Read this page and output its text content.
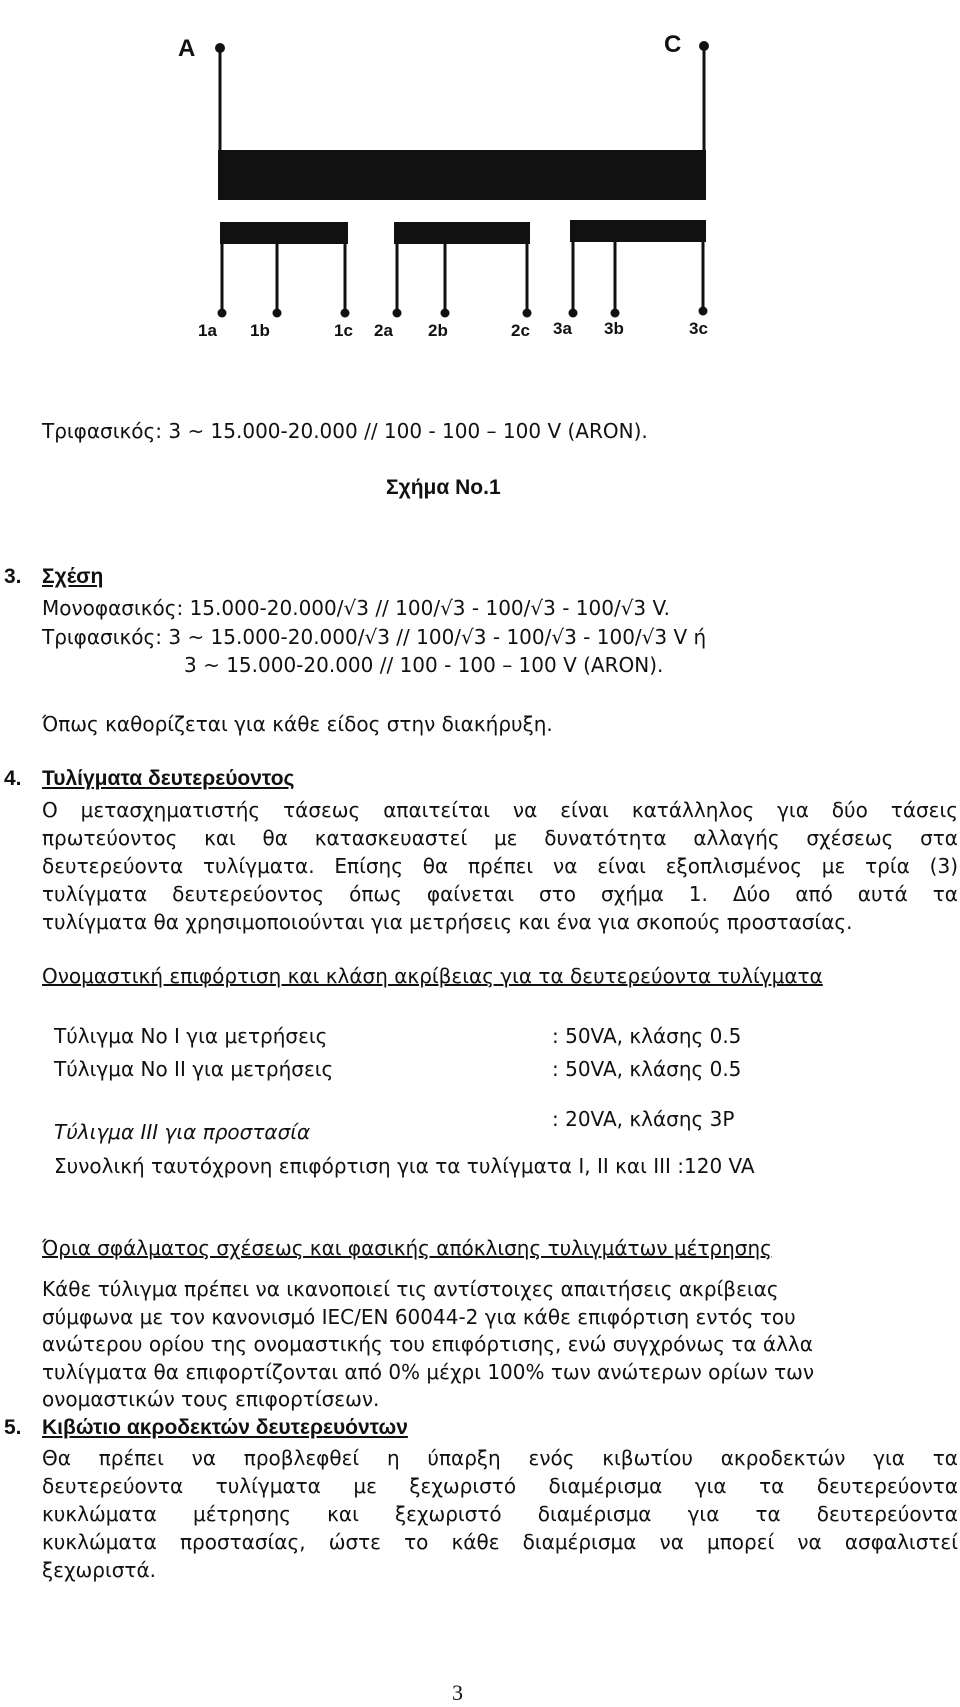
A	C
1a 1b	1c 2a 2b	2c 3a 3b	3c
Τριφασικός: 3 ~ 15.000-20.000 // 100 - 100 – 100 V (ARON).
Σχήμα Νο.1
3. Σχέση
Μονοφασικός: 15.000-20.000/√3 // 100/√3 - 100/√3 - 100/√3 V.
Τριφασικός: 3 ~ 15.000-20.000/√3 // 100/√3 - 100/√3 - 100/√3 V ή
3 ~ 15.000-20.000 // 100 - 100 – 100 V (ARON).
Όπως καθορίζεται για κάθε είδος στην διακήρυξη.
4. Τυλίγματα δευτερεύοντος
Ο μετασχηματιστής τάσεως απαιτείται να είναι κατάλληλος για δύο τάσεις
πρωτεύοντος και θα κατασκευαστεί με δυνατότητα αλλαγής σχέσεως στα
δευτερεύοντα τυλίγματα. Επίσης θα πρέπει να είναι εξοπλισμένος με τρία (3)
τυλίγματα δευτερεύοντος όπως φαίνεται στο σχήμα 1. Δύο από αυτά τα
τυλίγματα θα χρησιμοποιούνται για μετρήσεις και ένα για σκοπούς προστασίας.
Ονομαστική επιφόρτιση και κλάση ακρίβειας για τα δευτερεύοντα τυλίγματα
Τύλιγμα Νο I για μετρήσεις	: 50VA, κλάσης 0.5
Τύλιγμα Νο II για μετρήσεις	: 50VA, κλάσης 0.5
Τύλιγμα III για προστασία
: 20VA, κλάσης 3P
Συνολική ταυτόχρονη επιφόρτιση για τα τυλίγματα I, II και III :120 VA
Όρια σφάλματος σχέσεως και φασικής απόκλισης τυλιγμάτων μέτρησης
Κάθε τύλιγμα πρέπει να ικανοποιεί τις αντίστοιχες απαιτήσεις ακρίβειας
σύμφωνα με τον κανονισμό IEC/EN 60044-2 για κάθε επιφόρτιση εντός του
ανώτερου ορίου της ονομαστικής του επιφόρτισης, ενώ συγχρόνως τα άλλα
τυλίγματα θα επιφορτίζονται από 0% μέχρι 100% των ανώτερων ορίων των
ονομαστικών τους επιφορτίσεων.
5. Κιβώτιο ακροδεκτών δευτερευόντων
Θα πρέπει να προβλεφθεί η ύπαρξη ενός κιβωτίου ακροδεκτών για τα
δευτερεύοντα τυλίγματα με ξεχωριστό διαμέρισμα για τα δευτερεύοντα
κυκλώματα μέτρησης και ξεχωριστό διαμέρισμα για τα δευτερεύοντα
κυκλώματα προστασίας, ώστε το κάθε διαμέρισμα να μπορεί να ασφαλιστεί
ξεχωριστά.
3
